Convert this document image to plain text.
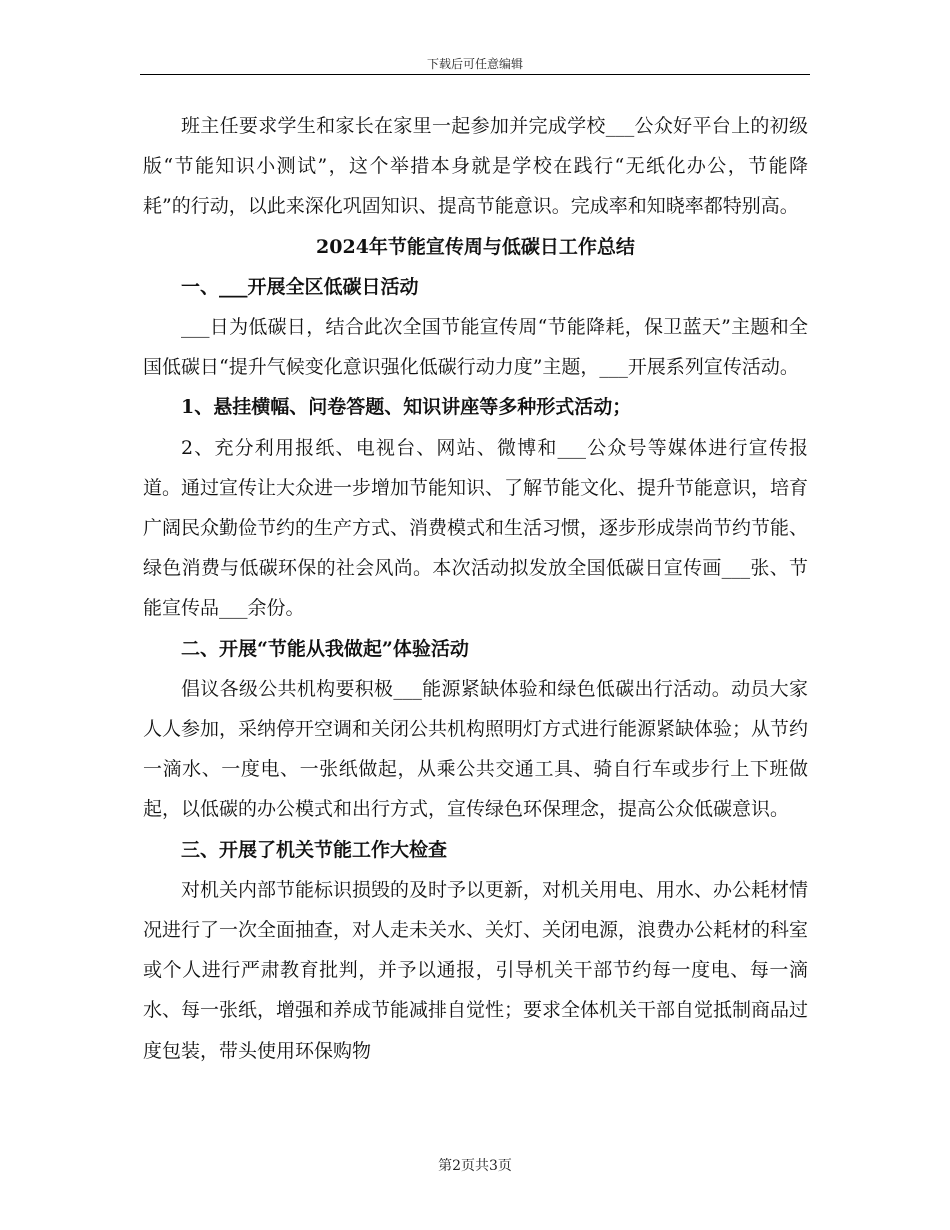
下载后可任意编辑

班主任要求学生和家长在家里一起参加并完成学校___公众好平台上的初级版“节能知识小测试”，这个举措本身就是学校在践行“无纸化办公，节能降耗”的行动，以此来深化巩固知识、提高节能意识。完成率和知晓率都特别高。

2024年节能宣传周与低碳日工作总结

一、___开展全区低碳日活动

___日为低碳日，结合此次全国节能宣传周“节能降耗，保卫蓝天”主题和全国低碳日“提升气候变化意识强化低碳行动力度”主题，___开展系列宣传活动。

1、悬挂横幅、问卷答题、知识讲座等多种形式活动；

2、充分利用报纸、电视台、网站、微博和___公众号等媒体进行宣传报道。通过宣传让大众进一步增加节能知识、了解节能文化、提升节能意识，培育广阔民众勤俭节约的生产方式、消费模式和生活习惯，逐步形成崇尚节约节能、绿色消费与低碳环保的社会风尚。本次活动拟发放全国低碳日宣传画___张、节能宣传品___余份。

二、开展“节能从我做起”体验活动

倡议各级公共机构要积极___能源紧缺体验和绿色低碳出行活动。动员大家人人参加，采纳停开空调和关闭公共机构照明灯方式进行能源紧缺体验；从节约一滴水、一度电、一张纸做起，从乘公共交通工具、骑自行车或步行上下班做起，以低碳的办公模式和出行方式，宣传绿色环保理念，提高公众低碳意识。

三、开展了机关节能工作大检查

对机关内部节能标识损毁的及时予以更新，对机关用电、用水、办公耗材情况进行了一次全面抽查，对人走未关水、关灯、关闭电源，浪费办公耗材的科室或个人进行严肃教育批判，并予以通报，引导机关干部节约每一度电、每一滴水、每一张纸，增强和养成节能减排自觉性；要求全体机关干部自觉抵制商品过度包装，带头使用环保购物

第2页共3页
